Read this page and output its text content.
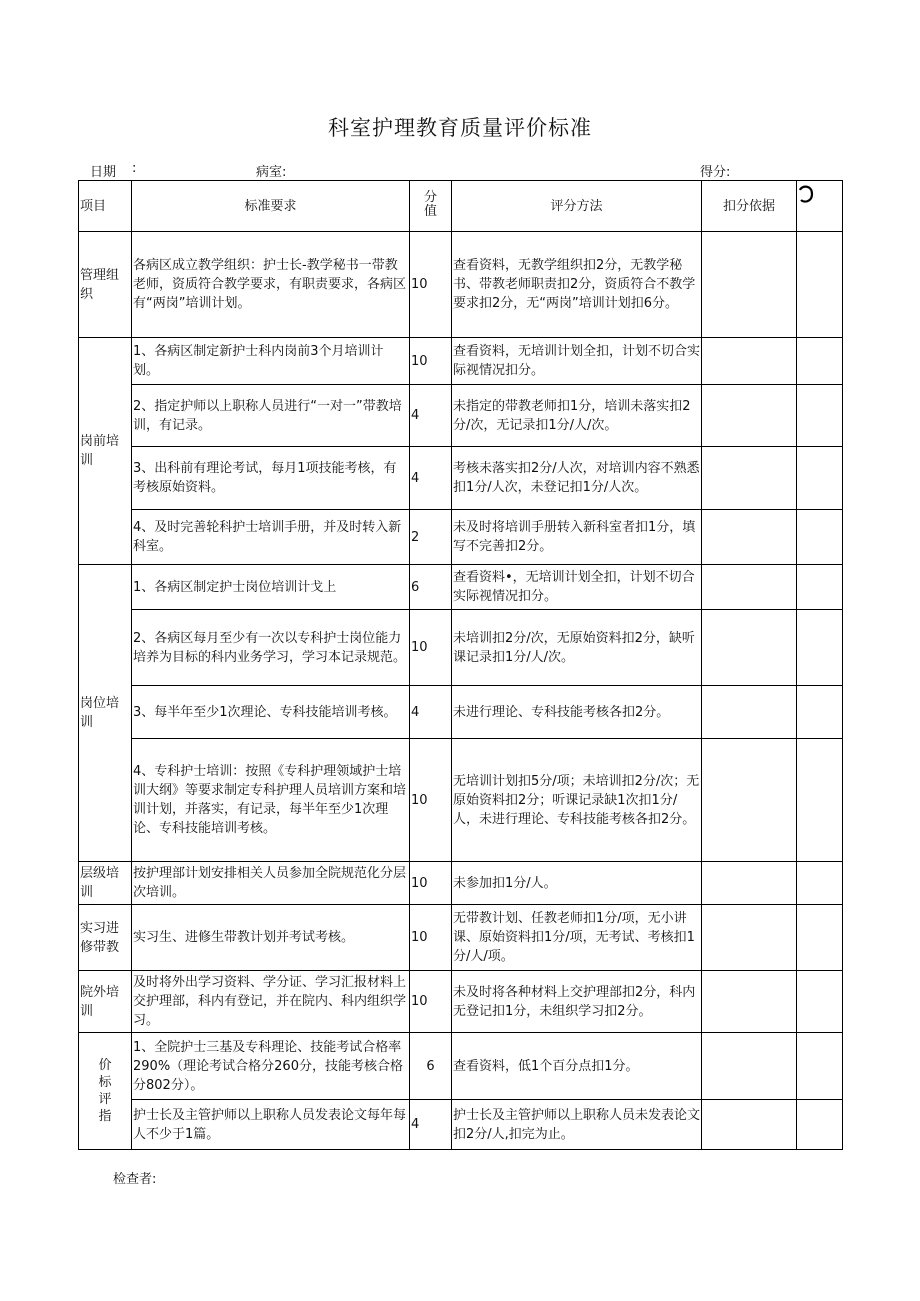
科室护理教育质量评价标准
日期 :	病室:	得分:
项目	标准要求	分值	评分方法	扣分依据	
管理组织	各病区成立教学组织：护士长-教学秘书一带教老师，资质符合教学要求，有职责要求，各病区有“两岗”培训计划。	10	查看资料，无教学组织扣2分，无教学秘书、带教老师职责扣2分，资质符合不教学要求扣2分，无“两岗”培训计划扣6分。		
岗前培训	1、各病区制定新护士科内岗前3个月培训计划。	10	查看资料，无培训计划全扣，计划不切合实际视情况扣分。		
	2、指定护师以上职称人员进行“一对一”带教培训，有记录。	4	未指定的带教老师扣1分，培训未落实扣2分/次，无记录扣1分/人/次。		
	3、出科前有理论考试，每月1项技能考核，有考核原始资料。	4	考核未落实扣2分/人次，对培训内容不熟悉扣1分/人次，未登记扣1分/人次。		
	4、及时完善轮科护士培训手册，并及时转入新科室。	2	未及时将培训手册转入新科室者扣1分，填写不完善扣2分。		
岗位培训	1、各病区制定护士岗位培训计戈上	6	查看资料•，无培训计划全扣，计划不切合实际视情况扣分。		
	2、各病区每月至少有一次以专科护士岗位能力培养为目标的科内业务学习，学习本记录规范。	10	未培训扣2分/次，无原始资料扣2分，缺听课记录扣1分/人/次。		
	3、每半年至少1次理论、专科技能培训考核。	4	未进行理论、专科技能考核各扣2分。		
	4、专科护士培训：按照《专科护理领域护士培训大纲》等要求制定专科护理人员培训方案和培训计划，并落实，有记录，每半年至少1次理论、专科技能培训考核。	10	无培训计划扣5分/项；未培训扣2分/次；无原始资料扣2分；听课记录缺1次扣1分/人，未进行理论、专科技能考核各扣2分。		
层级培训	按护理部计划安排相关人员参加全院规范化分层次培训。	10	未参加扣1分/人。		
实习进修带教	实习生、进修生带教计划并考试考核。	10	无带教计划、任教老师扣1分/项，无小讲课、原始资料扣1分/项，无考试、考核扣1分/人/项。		
院外培训	及时将外出学习资料、学分证、学习汇报材料上交护理部，科内有登记，并在院内、科内组织学习。	10	未及时将各种材料上交护理部扣2分，科内无登记扣1分，未组织学习扣2分。		
价标评指	1、全院护士三基及专科理论、技能考试合格率290%（理论考试合格分260分，技能考核合格分802分）。	6	查看资料，低1个百分点扣1分。		
	护士长及主管护师以上职称人员发表论文每年每人不少于1篇。	4	护士长及主管护师以上职称人员未发表论文扣2分/人,扣完为止。		
检查者:
